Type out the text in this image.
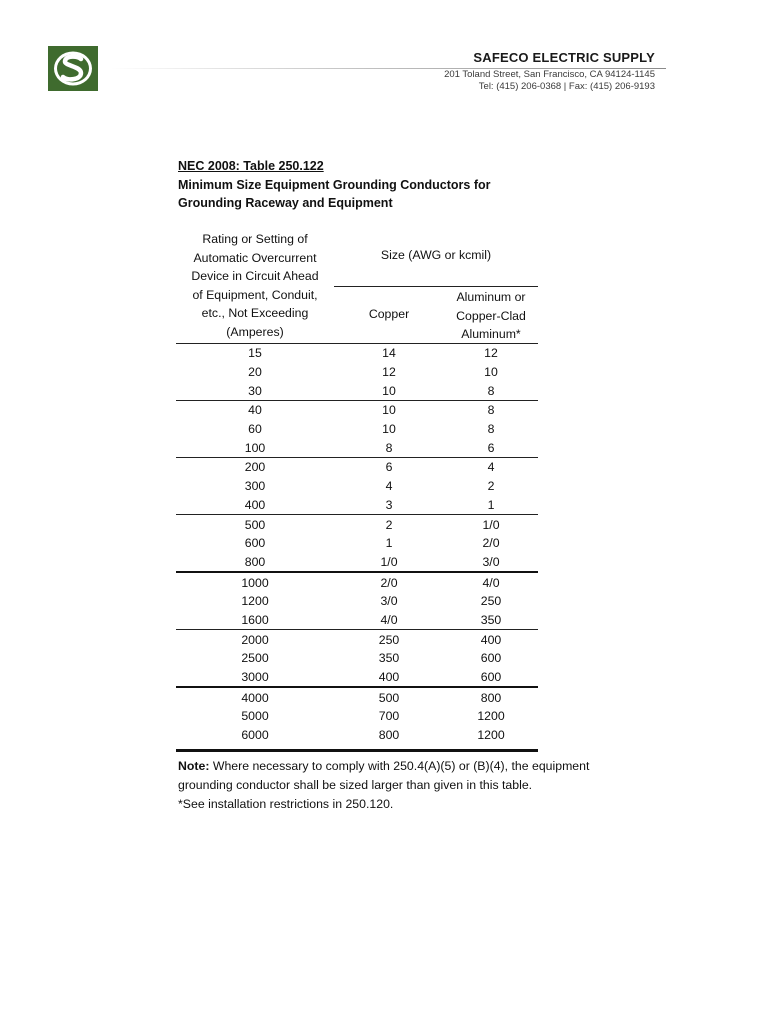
SAFECO ELECTRIC SUPPLY
201 Toland Street, San Francisco, CA 94124-1145
Tel: (415) 206-0368 | Fax: (415) 206-9193
NEC 2008: Table 250.122
Minimum Size Equipment Grounding Conductors for
Grounding Raceway and Equipment
Rating or Setting of
Automatic Overcurrent
Device in Circuit Ahead
of Equipment, Conduit,
etc., Not Exceeding
(Amperes)
Size (AWG or kcmil)
Copper
Aluminum or
Copper-Clad
Aluminum*
15	14	12
20	12	10
30	10	8
40	10	8
60	10	8
100	8	6
200	6	4
300	4	2
400	3	1
500	2	1/0
600	1	2/0
800	1/0	3/0
1000	2/0	4/0
1200	3/0	250
1600	4/0	350
2000	250	400
2500	350	600
3000	400	600
4000	500	800
5000	700	1200
6000	800	1200
Note: Where necessary to comply with 250.4(A)(5) or (B)(4), the equipment grounding conductor shall be sized larger than given in this table.
*See installation restrictions in 250.120.
